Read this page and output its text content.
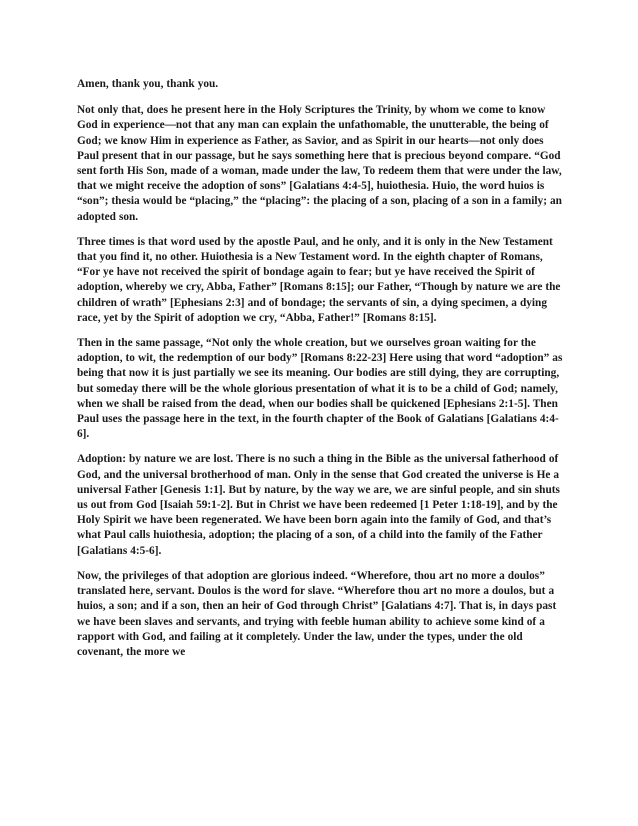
Amen, thank you, thank you.

Not only that, does he present here in the Holy Scriptures the Trinity, by whom we come to know God in experience—not that any man can explain the unfathomable, the unutterable, the being of God; we know Him in experience as Father, as Savior, and as Spirit in our hearts—not only does Paul present that in our passage, but he says something here that is precious beyond compare. “God sent forth His Son, made of a woman, made under the law, To redeem them that were under the law, that we might receive the adoption of sons” [Galatians 4:4-5], huiothesia. Huio, the word huios is “son”; thesia would be “placing,” the “placing”: the placing of a son, placing of a son in a family; an adopted son.

Three times is that word used by the apostle Paul, and he only, and it is only in the New Testament that you find it, no other. Huiothesia is a New Testament word. In the eighth chapter of Romans, “For ye have not received the spirit of bondage again to fear; but ye have received the Spirit of adoption, whereby we cry, Abba, Father” [Romans 8:15]; our Father, “Though by nature we are the children of wrath” [Ephesians 2:3] and of bondage; the servants of sin, a dying specimen, a dying race, yet by the Spirit of adoption we cry, “Abba, Father!” [Romans 8:15].

Then in the same passage, “Not only the whole creation, but we ourselves groan waiting for the adoption, to wit, the redemption of our body” [Romans 8:22-23] Here using that word “adoption” as being that now it is just partially we see its meaning. Our bodies are still dying, they are corrupting, but someday there will be the whole glorious presentation of what it is to be a child of God; namely, when we shall be raised from the dead, when our bodies shall be quickened [Ephesians 2:1-5]. Then Paul uses the passage here in the text, in the fourth chapter of the Book of Galatians [Galatians 4:4-6].

Adoption: by nature we are lost. There is no such a thing in the Bible as the universal fatherhood of God, and the universal brotherhood of man. Only in the sense that God created the universe is He a universal Father [Genesis 1:1]. But by nature, by the way we are, we are sinful people, and sin shuts us out from God [Isaiah 59:1-2]. But in Christ we have been redeemed [1 Peter 1:18-19], and by the Holy Spirit we have been regenerated. We have been born again into the family of God, and that’s what Paul calls huiothesia, adoption; the placing of a son, of a child into the family of the Father [Galatians 4:5-6].

Now, the privileges of that adoption are glorious indeed. “Wherefore, thou art no more a doulos” translated here, servant. Doulos is the word for slave. “Wherefore thou art no more a doulos, but a huios, a son; and if a son, then an heir of God through Christ” [Galatians 4:7]. That is, in days past we have been slaves and servants, and trying with feeble human ability to achieve some kind of a rapport with God, and failing at it completely. Under the law, under the types, under the old covenant, the more we
